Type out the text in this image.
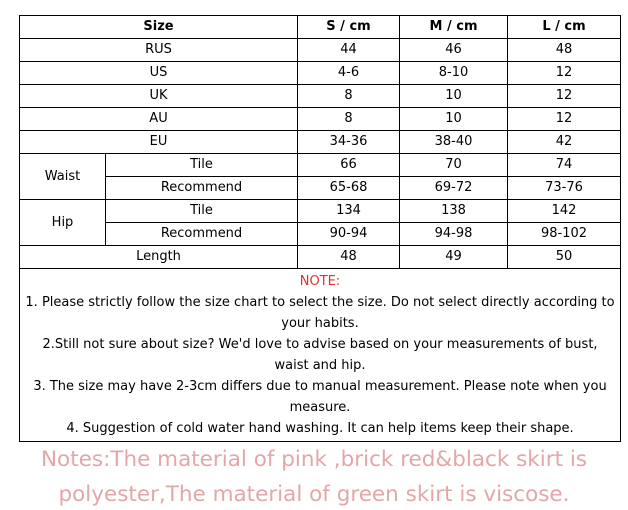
Size		S / cm	M / cm	L / cm
RUS		44	46	48
US		4-6	8-10	12
UK		8	10	12
AU		8	10	12
EU		34-36	38-40	42
Waist	Tile	66	70	74
	Recommend	65-68	69-72	73-76
Hip	Tile	134	138	142
	Recommend	90-94	94-98	98-102
Length		48	49	50

NOTE:
1. Please strictly follow the size chart to select the size. Do not select directly according to your habits.
2.Still not sure about size? We'd love to advise based on your measurements of bust, waist and hip.
3. The size may have 2-3cm differs due to manual measurement. Please note when you measure.
4. Suggestion of cold water hand washing. It can help items keep their shape.				
Notes:The material of pink ,brick red&black skirt is
polyester,The material of green skirt is viscose.
